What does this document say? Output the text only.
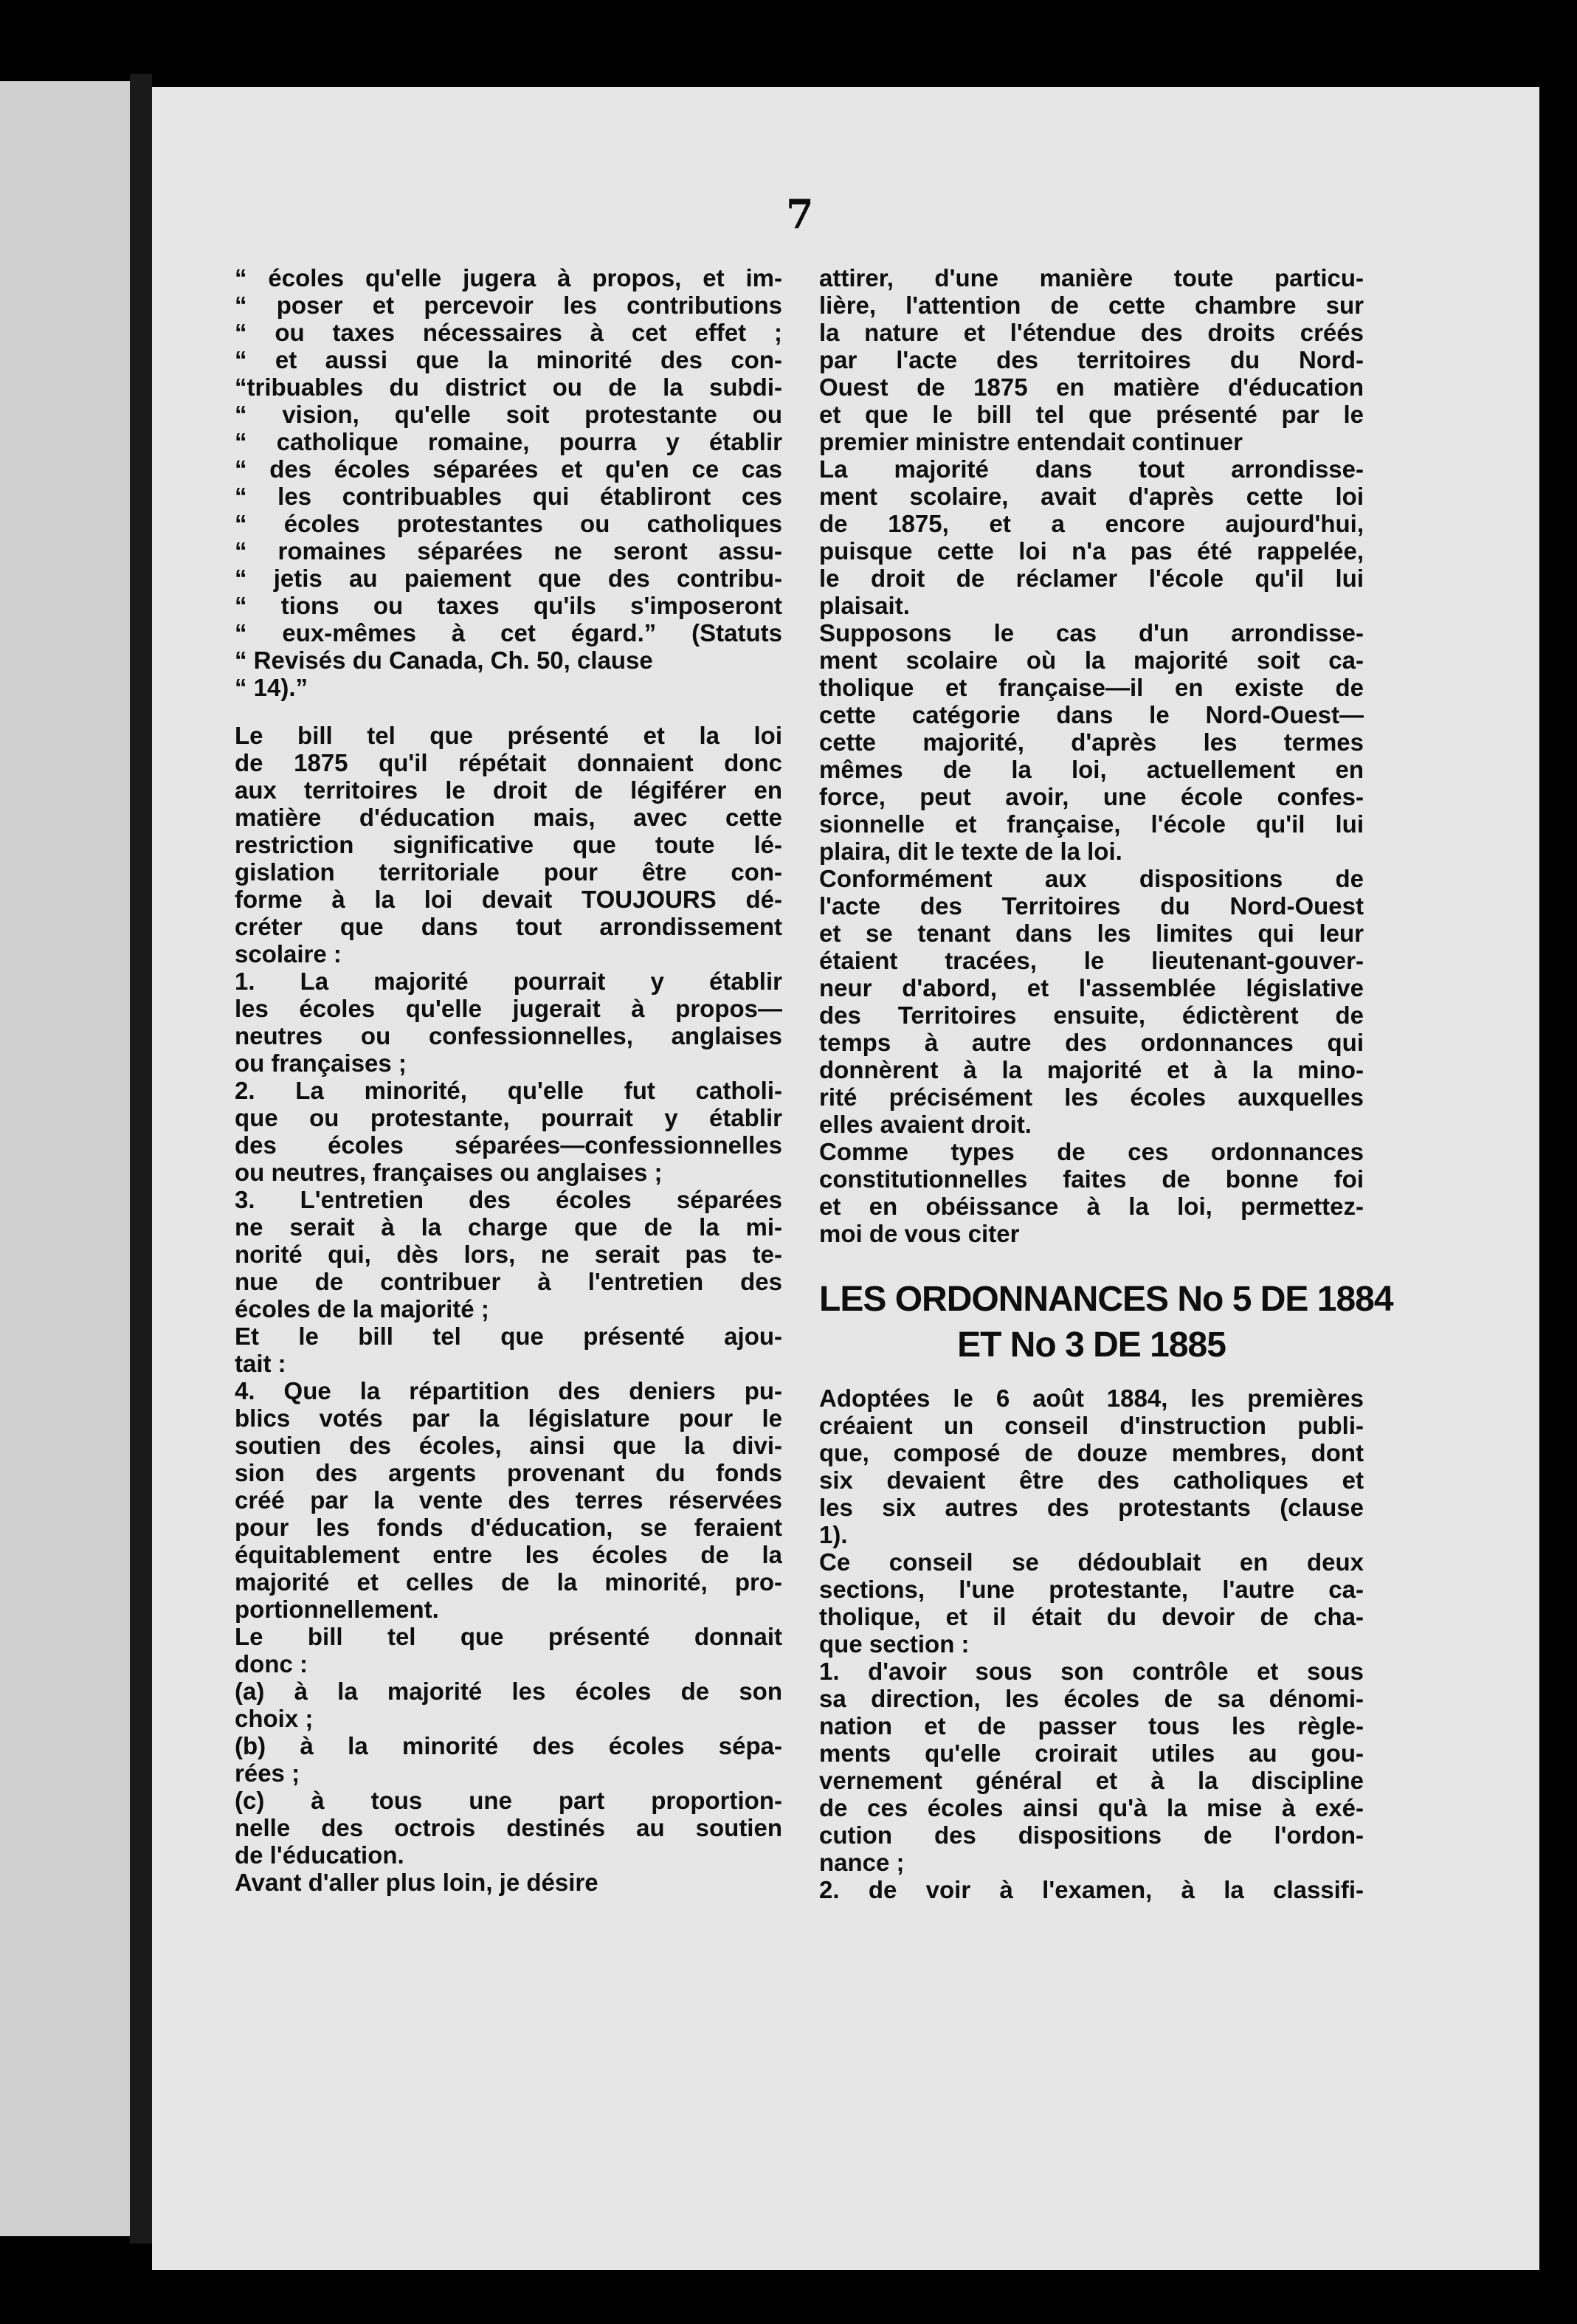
7
“ écoles qu'elle jugera à propos, et im-
“ poser et percevoir les contributions
“ ou taxes nécessaires à cet effet ;
“ et aussi que la minorité des con-
“tribuables du district ou de la subdi-
“ vision, qu'elle soit protestante ou
“ catholique romaine, pourra y établir
“ des écoles séparées et qu'en ce cas
“ les contribuables qui établiront ces
“ écoles protestantes ou catholiques
“ romaines séparées ne seront assu-
“ jetis au paiement que des contribu-
“ tions ou taxes qu'ils s'imposeront
“ eux-mêmes à cet égard.” (Statuts
“ Revisés du Canada, Ch. 50, clause
“ 14).”
Le bill tel que présenté et la loi
de 1875 qu'il répétait donnaient donc
aux territoires le droit de légiférer en
matière d'éducation mais, avec cette
restriction significative que toute lé-
gislation territoriale pour être con-
forme à la loi devait TOUJOURS dé-
créter que dans tout arrondissement
scolaire :
1. La majorité pourrait y établir
les écoles qu'elle jugerait à propos—
neutres ou confessionnelles, anglaises
ou françaises ;
2. La minorité, qu'elle fut catholi-
que ou protestante, pourrait y établir
des écoles séparées—confessionnelles
ou neutres, françaises ou anglaises ;
3. L'entretien des écoles séparées
ne serait à la charge que de la mi-
norité qui, dès lors, ne serait pas te-
nue de contribuer à l'entretien des
écoles de la majorité ;
Et le bill tel que présenté ajou-
tait :
4. Que la répartition des deniers pu-
blics votés par la législature pour le
soutien des écoles, ainsi que la divi-
sion des argents provenant du fonds
créé par la vente des terres réservées
pour les fonds d'éducation, se feraient
équitablement entre les écoles de la
majorité et celles de la minorité, pro-
portionnellement.
Le bill tel que présenté donnait
donc :
(a) à la majorité les écoles de son
choix ;
(b) à la minorité des écoles sépa-
rées ;
(c) à tous une part proportion-
nelle des octrois destinés au soutien
de l'éducation.
Avant d'aller plus loin, je désire
attirer, d'une manière toute particu-
lière, l'attention de cette chambre sur
la nature et l'étendue des droits créés
par l'acte des territoires du Nord-
Ouest de 1875 en matière d'éducation
et que le bill tel que présenté par le
premier ministre entendait continuer
La majorité dans tout arrondisse-
ment scolaire, avait d'après cette loi
de 1875, et a encore aujourd'hui,
puisque cette loi n'a pas été rappelée,
le droit de réclamer l'école qu'il lui
plaisait.
Supposons le cas d'un arrondisse-
ment scolaire où la majorité soit ca-
tholique et française—il en existe de
cette catégorie dans le Nord-Ouest—
cette majorité, d'après les termes
mêmes de la loi, actuellement en
force, peut avoir, une école confes-
sionnelle et française, l'école qu'il lui
plaira, dit le texte de la loi.
Conformément aux dispositions de
l'acte des Territoires du Nord-Ouest
et se tenant dans les limites qui leur
étaient tracées, le lieutenant-gouver-
neur d'abord, et l'assemblée législative
des Territoires ensuite, édictèrent de
temps à autre des ordonnances qui
donnèrent à la majorité et à la mino-
rité précisément les écoles auxquelles
elles avaient droit.
Comme types de ces ordonnances
constitutionnelles faites de bonne foi
et en obéissance à la loi, permettez-
moi de vous citer
LES ORDONNANCES No 5 DE 1884
ET No 3 DE 1885
Adoptées le 6 août 1884, les premières
créaient un conseil d'instruction publi-
que, composé de douze membres, dont
six devaient être des catholiques et
les six autres des protestants (clause
1).
Ce conseil se dédoublait en deux
sections, l'une protestante, l'autre ca-
tholique, et il était du devoir de cha-
que section :
1. d'avoir sous son contrôle et sous
sa direction, les écoles de sa dénomi-
nation et de passer tous les règle-
ments qu'elle croirait utiles au gou-
vernement général et à la discipline
de ces écoles ainsi qu'à la mise à exé-
cution des dispositions de l'ordon-
nance ;
2. de voir à l'examen, à la classifi-
